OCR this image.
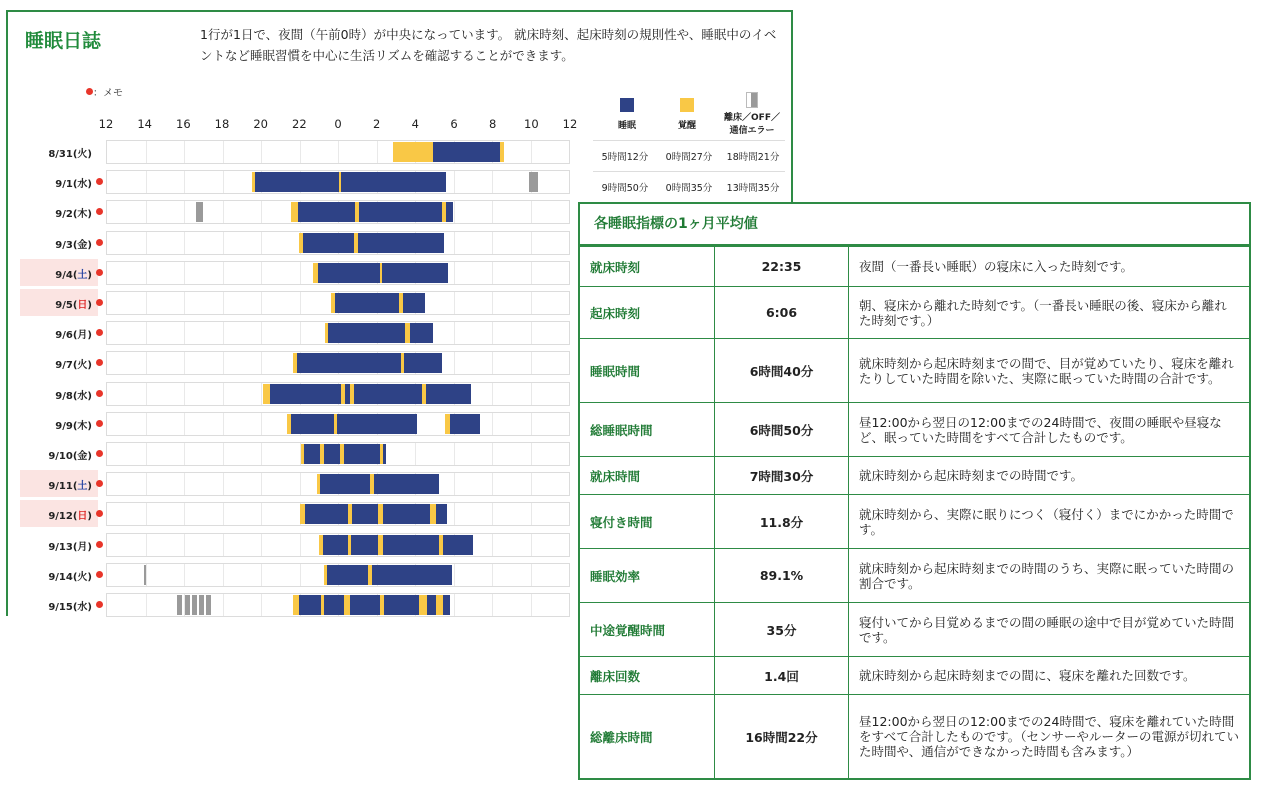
睡眠日誌	1行が1日で、夜間（午前0時）が中央になっています。 就床時刻、起床時刻の規則性や、睡眠中のイベントなど睡眠習慣を中心に生活リズムを確認することができます。
：メモ
12 14 16 18 20 22 0	2	4	6	8 10 12
8/31(火)
9/1(水)
9/2(木)
9/3(金)
9/4(土)
9/5(日)
9/6(月)
9/7(火)
9/8(水)
9/9(木)
9/10(金)
9/11(土)
9/12(日)
9/13(月)
9/14(火)
9/15(水)
睡眠	覚醒
離床／OFF／
通信エラー
5時間12分	0時間27分	18時間21分
9時間50分	0時間35分	13時間35分
各睡眠指標の1ヶ月平均値
就床時刻	22:35	夜間（一番長い睡眠）の寝床に入った時刻です。
起床時刻	6:06	朝、寝床から離れた時刻です。（一番長い睡眠の後、寝床から離れた時刻です。）
睡眠時間	6時間40分	就床時刻から起床時刻までの間で、目が覚めていたり、寝床を離れたりしていた時間を除いた、実際に眠っていた時間の合計です。
総睡眠時間	6時間50分	昼12:00から翌日の12:00までの24時間で、夜間の睡眠や昼寝など、眠っていた時間をすべて合計したものです。
就床時間	7時間30分	就床時刻から起床時刻までの時間です。
寝付き時間	11.8分	就床時刻から、実際に眠りにつく（寝付く）までにかかった時間です。
睡眠効率	89.1%	就床時刻から起床時刻までの時間のうち、実際に眠っていた時間の割合です。
中途覚醒時間	35分	寝付いてから目覚めるまでの間の睡眠の途中で目が覚めていた時間です。
離床回数	1.4回	就床時刻から起床時刻までの間に、寝床を離れた回数です。
総離床時間	16時間22分	昼12:00から翌日の12:00までの24時間で、寝床を離れていた時間をすべて合計したものです。（センサーやルーターの電源が切れていた時間や、通信ができなかった時間も含みます。）
